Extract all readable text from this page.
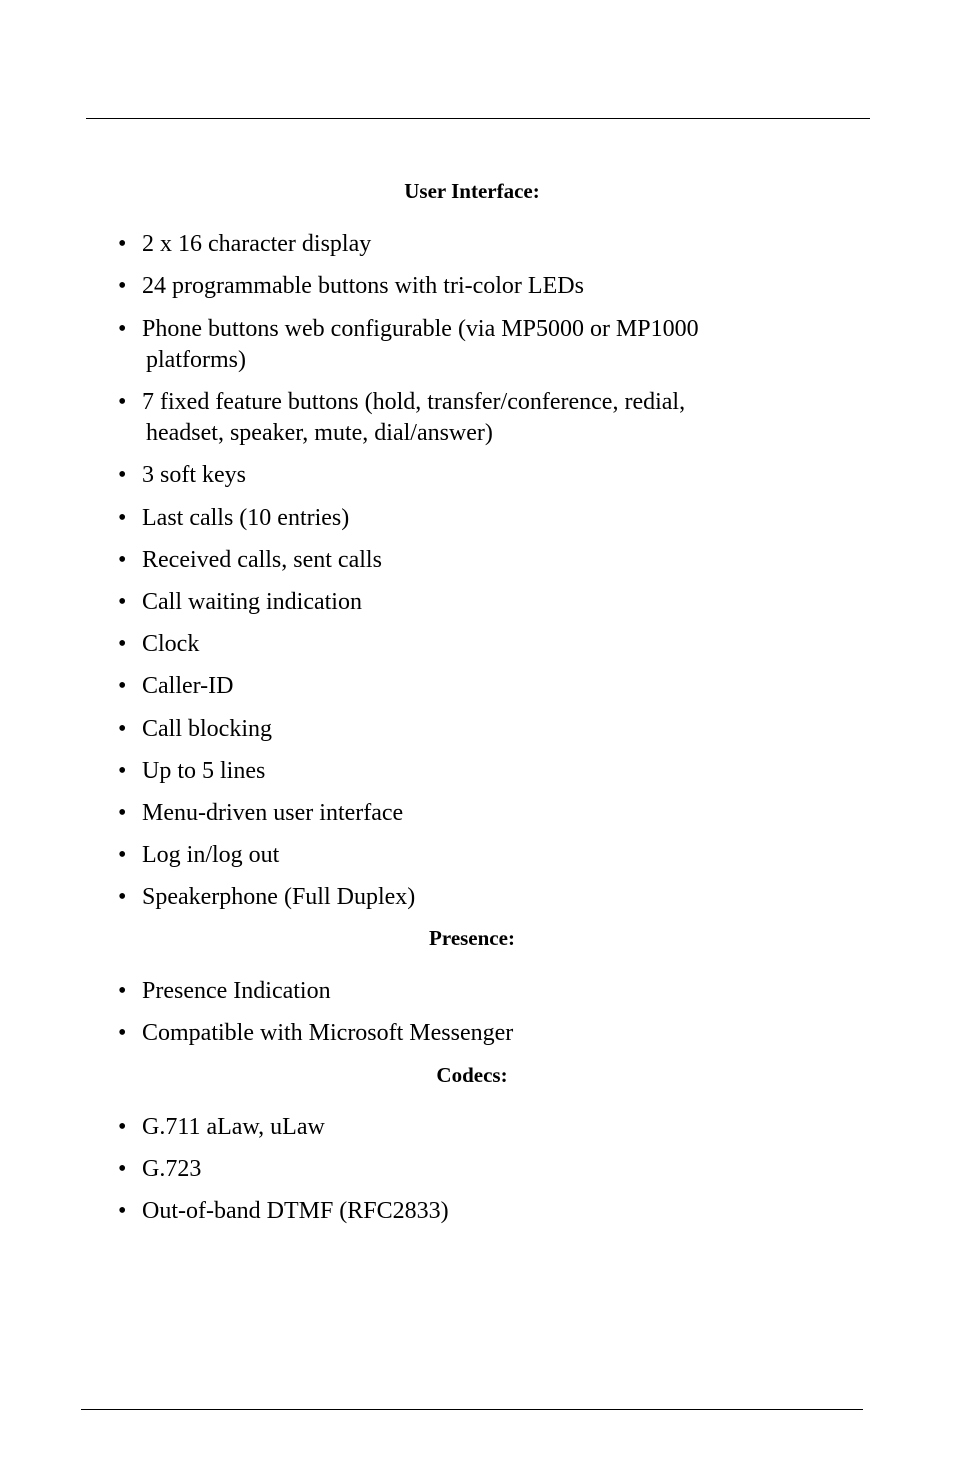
User Interface:
• 2 x 16 character display
• 24 programmable buttons with tri-color LEDs
• Phone buttons web configurable (via MP5000 or MP1000
platforms)
• 7 fixed feature buttons (hold, transfer/conference, redial,
headset, speaker, mute, dial/answer)
• 3 soft keys
• Last calls (10 entries)
• Received calls, sent calls
• Call waiting indication
• Clock
• Caller-ID
• Call blocking
• Up to 5 lines
• Menu-driven user interface
• Log in/log out
• Speakerphone (Full Duplex)
Presence:
• Presence Indication
• Compatible with Microsoft Messenger
Codecs:
• G.711 aLaw, uLaw
• G.723
• Out-of-band DTMF (RFC2833)
